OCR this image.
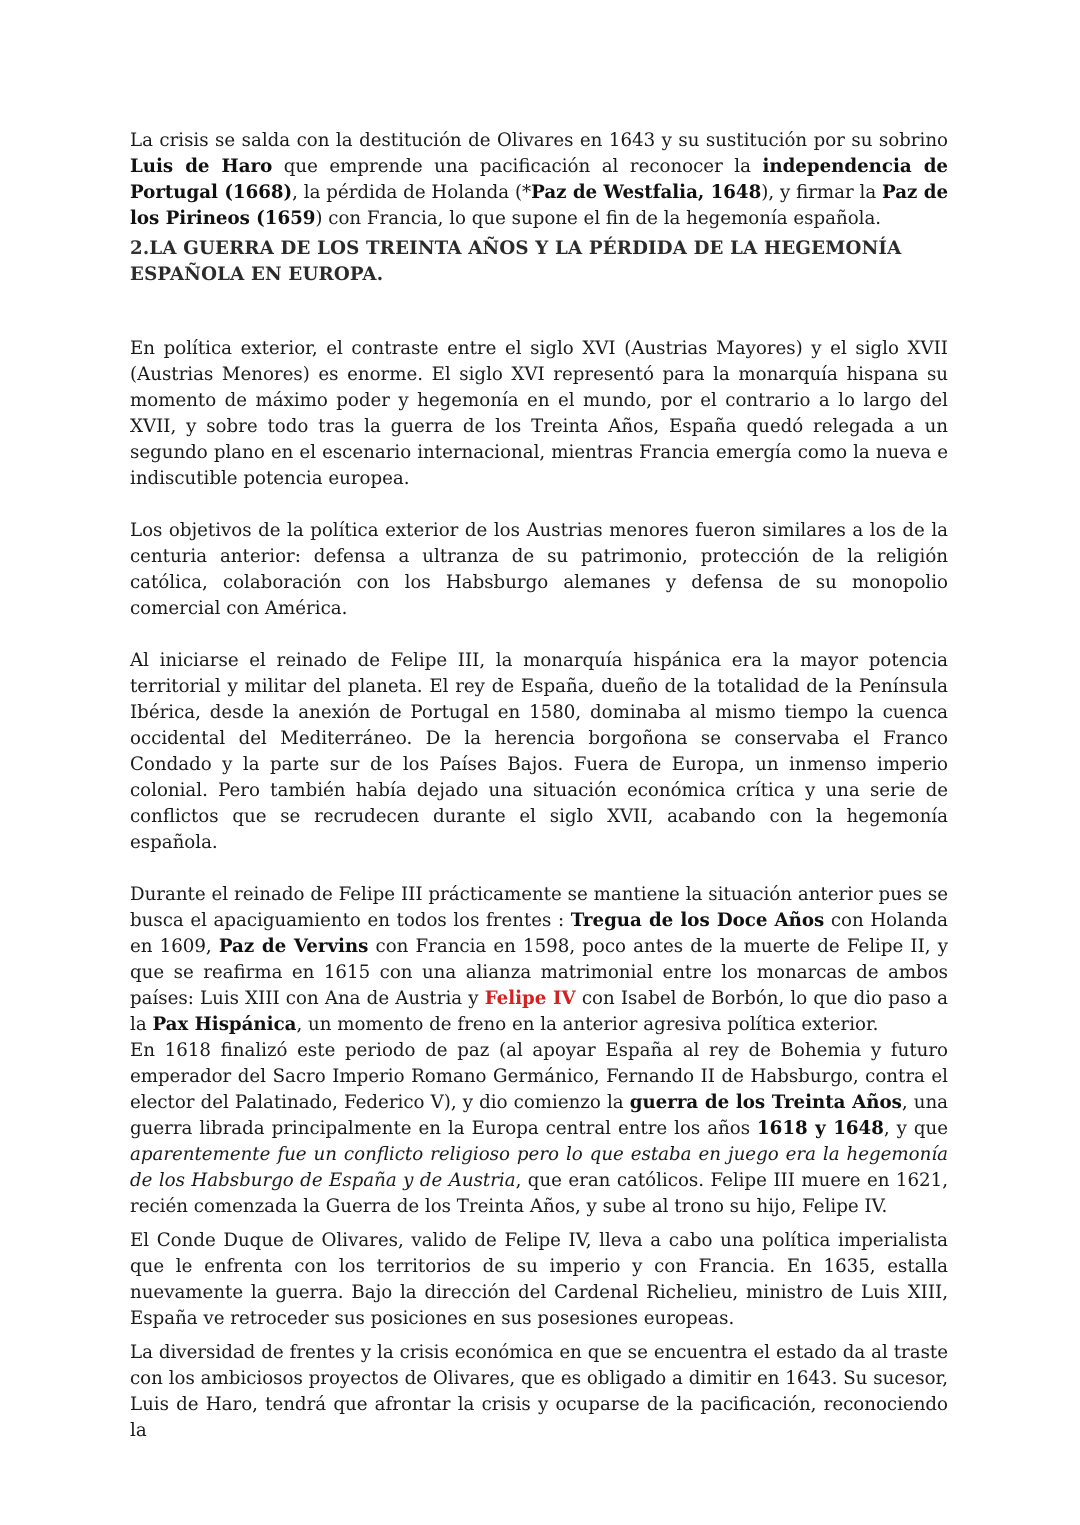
La crisis se salda con la destitución de Olivares en 1643 y su sustitución por su sobrino Luis de Haro que emprende una pacificación al reconocer la independencia de Portugal (1668), la pérdida de Holanda (*Paz de Westfalia, 1648), y firmar la Paz de los Pirineos (1659) con Francia, lo que supone el fin de la hegemonía española.

2.LA GUERRA DE LOS TREINTA AÑOS Y LA PÉRDIDA DE LA HEGEMONÍA ESPAÑOLA EN EUROPA.

En política exterior, el contraste entre el siglo XVI (Austrias Mayores) y el siglo XVII (Austrias Menores) es enorme. El siglo XVI representó para la monarquía hispana su momento de máximo poder y hegemonía en el mundo, por el contrario a lo largo del XVII, y sobre todo tras la guerra de los Treinta Años, España quedó relegada a un segundo plano en el escenario internacional, mientras Francia emergía como la nueva e indiscutible potencia europea.

Los objetivos de la política exterior de los Austrias menores fueron similares a los de la centuria anterior: defensa a ultranza de su patrimonio, protección de la religión católica, colaboración con los Habsburgo alemanes y defensa de su monopolio comercial con América.

Al iniciarse el reinado de Felipe III, la monarquía hispánica era la mayor potencia territorial y militar del planeta. El rey de España, dueño de la totalidad de la Península Ibérica, desde la anexión de Portugal en 1580, dominaba al mismo tiempo la cuenca occidental del Mediterráneo. De la herencia borgoñona se conservaba el Franco Condado y la parte sur de los Países Bajos. Fuera de Europa, un inmenso imperio colonial. Pero también había dejado una situación económica crítica y una serie de conflictos que se recrudecen durante el siglo XVII, acabando con la hegemonía española.

Durante el reinado de Felipe III prácticamente se mantiene la situación anterior pues se busca el apaciguamiento en todos los frentes : Tregua de los Doce Años con Holanda en 1609, Paz de Vervins con Francia en 1598, poco antes de la muerte de Felipe II, y que se reafirma en 1615 con una alianza matrimonial entre los monarcas de ambos países: Luis XIII con Ana de Austria y Felipe IV con Isabel de Borbón, lo que dio paso a la Pax Hispánica, un momento de freno en la anterior agresiva política exterior.

En 1618 finalizó este periodo de paz (al apoyar España al rey de Bohemia y futuro emperador del Sacro Imperio Romano Germánico, Fernando II de Habsburgo, contra el elector del Palatinado, Federico V), y dio comienzo la guerra de los Treinta Años, una guerra librada principalmente en la Europa central entre los años 1618 y 1648, y que aparentemente fue un conflicto religioso pero lo que estaba en juego era la hegemonía de los Habsburgo de España y de Austria, que eran católicos. Felipe III muere en 1621, recién comenzada la Guerra de los Treinta Años, y sube al trono su hijo, Felipe IV.

El Conde Duque de Olivares, valido de Felipe IV, lleva a cabo una política imperialista que le enfrenta con los territorios de su imperio y con Francia. En 1635, estalla nuevamente la guerra. Bajo la dirección del Cardenal Richelieu, ministro de Luis XIII, España ve retroceder sus posiciones en sus posesiones europeas.

La diversidad de frentes y la crisis económica en que se encuentra el estado da al traste con los ambiciosos proyectos de Olivares, que es obligado a dimitir en 1643. Su sucesor, Luis de Haro, tendrá que afrontar la crisis y ocuparse de la pacificación, reconociendo la
